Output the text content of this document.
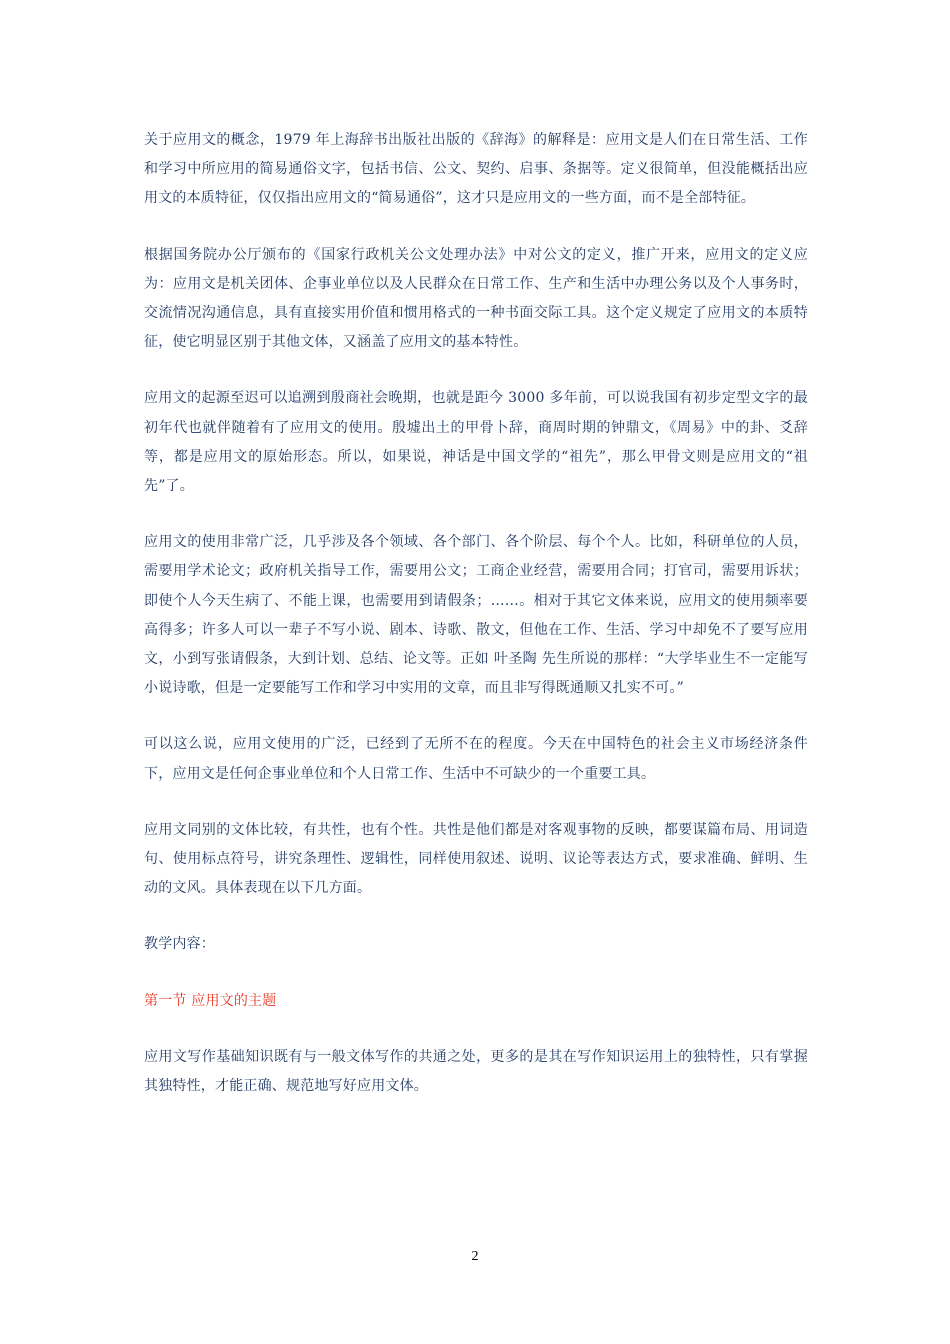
关于应用文的概念，1979 年上海辞书出版社出版的《辞海》的解释是：应用文是人们在日常生活、工作和学习中所应用的简易通俗文字，包括书信、公文、契约、启事、条据等。定义很简单，但没能概括出应用文的本质特征，仅仅指出应用文的“简易通俗”，这才只是应用文的一些方面，而不是全部特征。

根据国务院办公厅颁布的《国家行政机关公文处理办法》中对公文的定义，推广开来，应用文的定义应为：应用文是机关团体、企事业单位以及人民群众在日常工作、生产和生活中办理公务以及个人事务时，交流情况沟通信息，具有直接实用价值和惯用格式的一种书面交际工具。这个定义规定了应用文的本质特征，使它明显区别于其他文体，又涵盖了应用文的基本特性。

应用文的起源至迟可以追溯到殷商社会晚期，也就是距今 3000 多年前，可以说我国有初步定型文字的最初年代也就伴随着有了应用文的使用。殷墟出土的甲骨卜辞，商周时期的钟鼎文，《周易》中的卦、爻辞等，都是应用文的原始形态。所以，如果说，神话是中国文学的“祖先”，那么甲骨文则是应用文的“祖先”了。

应用文的使用非常广泛，几乎涉及各个领域、各个部门、各个阶层、每个个人。比如，科研单位的人员，需要用学术论文；政府机关指导工作，需要用公文；工商企业经营，需要用合同；打官司，需要用诉状；即使个人今天生病了、不能上课，也需要用到请假条；……。相对于其它文体来说，应用文的使用频率要高得多；许多人可以一辈子不写小说、剧本、诗歌、散文，但他在工作、生活、学习中却免不了要写应用文，小到写张请假条，大到计划、总结、论文等。正如 叶圣陶 先生所说的那样：“大学毕业生不一定能写小说诗歌，但是一定要能写工作和学习中实用的文章，而且非写得既通顺又扎实不可。”

可以这么说，应用文使用的广泛，已经到了无所不在的程度。今天在中国特色的社会主义市场经济条件下，应用文是任何企事业单位和个人日常工作、生活中不可缺少的一个重要工具。

应用文同别的文体比较，有共性，也有个性。共性是他们都是对客观事物的反映，都要谋篇布局、用词造句、使用标点符号，讲究条理性、逻辑性，同样使用叙述、说明、议论等表达方式，要求准确、鲜明、生动的文风。具体表现在以下几方面。

教学内容：

第一节 应用文的主题

应用文写作基础知识既有与一般文体写作的共通之处，更多的是其在写作知识运用上的独特性，只有掌握其独特性，才能正确、规范地写好应用文体。

2
